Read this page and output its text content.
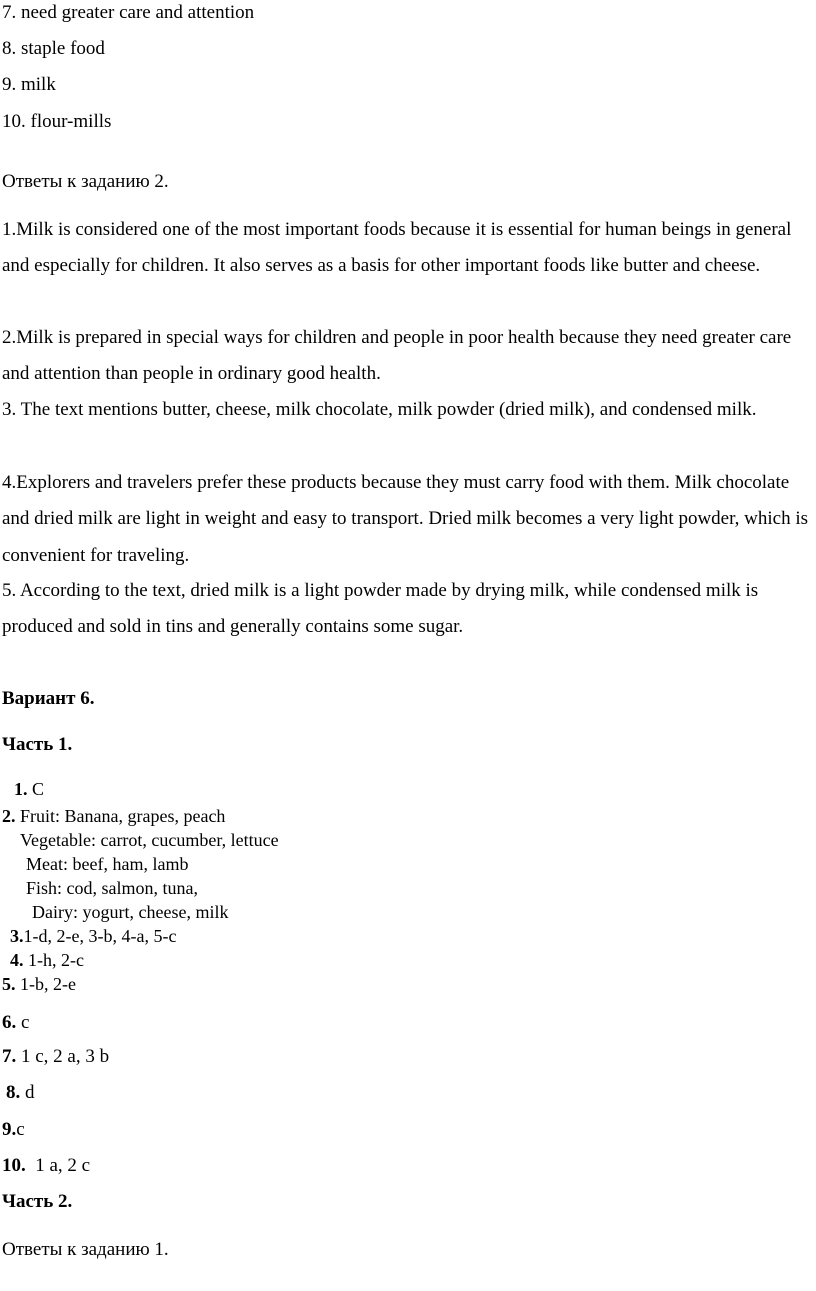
7. need greater care and attention
8. staple food
9. milk
10. flour-mills
Ответы к заданию 2.

1.Milk is considered one of the most important foods because it is essential for human beings in general and especially for children. It also serves as a basis for other important foods like butter and cheese.

2.Milk is prepared in special ways for children and people in poor health because they need greater care and attention than people in ordinary good health.

3. The text mentions butter, cheese, milk chocolate, milk powder (dried milk), and condensed milk.

4.Explorers and travelers prefer these products because they must carry food with them. Milk chocolate and dried milk are light in weight and easy to transport. Dried milk becomes a very light powder, which is convenient for traveling.

5. According to the text, dried milk is a light powder made by drying milk, while condensed milk is produced and sold in tins and generally contains some sugar.

Вариант 6.
Часть 1.
1. C
2. Fruit: Banana, grapes, peach
Vegetable: carrot, cucumber, lettuce
Meat: beef, ham, lamb
Fish: cod, salmon, tuna,
Dairy: yogurt, cheese, milk
3.1-d, 2-e, 3-b, 4-a, 5-c
4. 1-h, 2-c
5. 1-b, 2-e
6. c
7. 1 c, 2 a, 3 b
8. d
9.c
10.  1 a, 2 c
Часть 2.
Ответы к заданию 1.
